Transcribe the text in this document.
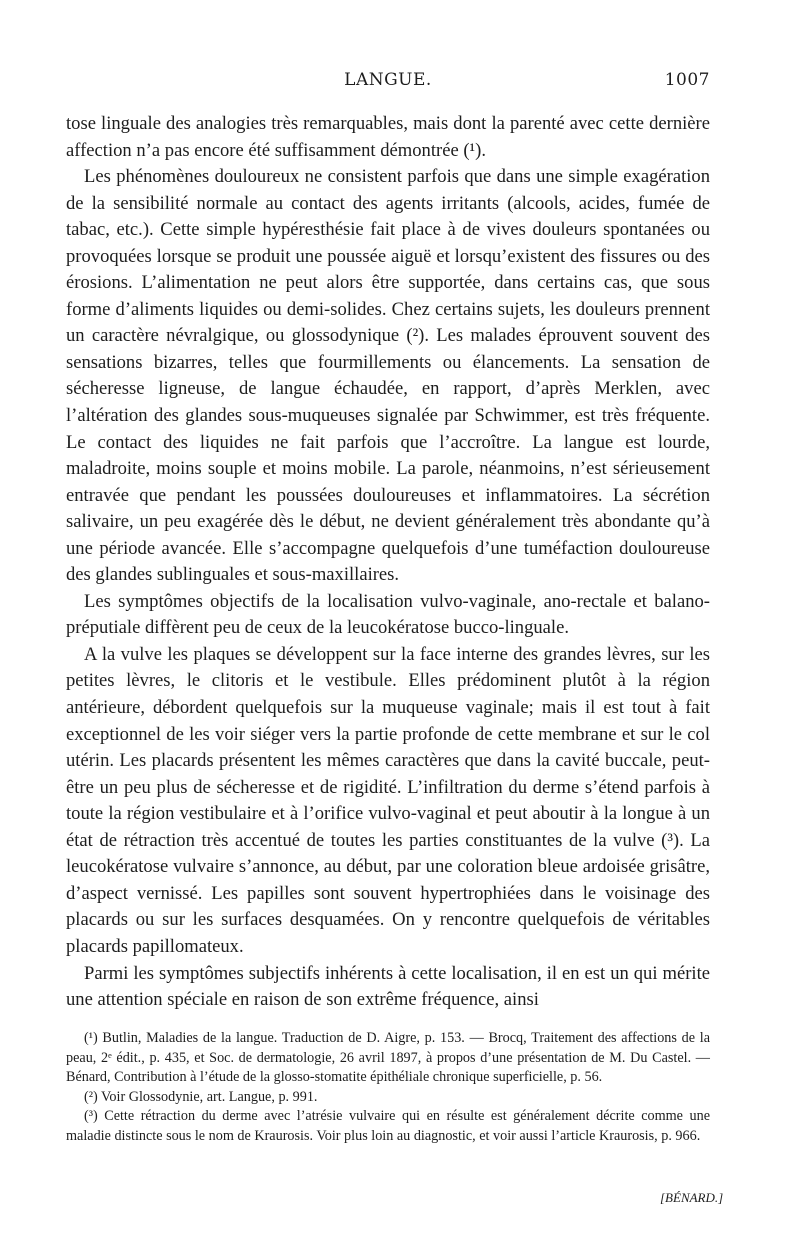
LANGUE.	1007

tose linguale des analogies très remarquables, mais dont la parenté avec cette dernière affection n’a pas encore été suffisamment démontrée (¹).

Les phénomènes douloureux ne consistent parfois que dans une simple exagération de la sensibilité normale au contact des agents irritants (alcools, acides, fumée de tabac, etc.). Cette simple hypéresthésie fait place à de vives douleurs spontanées ou provoquées lorsque se produit une poussée aiguë et lorsqu’existent des fissures ou des érosions. L’alimentation ne peut alors être supportée, dans certains cas, que sous forme d’aliments liquides ou demi-solides. Chez certains sujets, les douleurs prennent un caractère névralgique, ou glossodynique (²). Les malades éprouvent souvent des sensations bizarres, telles que fourmillements ou élancements. La sensation de sécheresse ligneuse, de langue échaudée, en rapport, d’après Merklen, avec l’altération des glandes sous-muqueuses signalée par Schwimmer, est très fréquente. Le contact des liquides ne fait parfois que l’accroître. La langue est lourde, maladroite, moins souple et moins mobile. La parole, néanmoins, n’est sérieusement entravée que pendant les poussées douloureuses et inflammatoires. La sécrétion salivaire, un peu exagérée dès le début, ne devient généralement très abondante qu’à une période avancée. Elle s’accompagne quelquefois d’une tuméfaction douloureuse des glandes sublinguales et sous-maxillaires.

Les symptômes objectifs de la localisation vulvo-vaginale, ano-rectale et balano-préputiale diffèrent peu de ceux de la leucokératose bucco-linguale.

A la vulve les plaques se développent sur la face interne des grandes lèvres, sur les petites lèvres, le clitoris et le vestibule. Elles prédominent plutôt à la région antérieure, débordent quelquefois sur la muqueuse vaginale; mais il est tout à fait exceptionnel de les voir siéger vers la partie profonde de cette membrane et sur le col utérin. Les placards présentent les mêmes caractères que dans la cavité buccale, peut-être un peu plus de sécheresse et de rigidité. L’infiltration du derme s’étend parfois à toute la région vestibulaire et à l’orifice vulvo-vaginal et peut aboutir à la longue à un état de rétraction très accentué de toutes les parties constituantes de la vulve (³). La leucokératose vulvaire s’annonce, au début, par une coloration bleue ardoisée grisâtre, d’aspect vernissé. Les papilles sont souvent hypertrophiées dans le voisinage des placards ou sur les surfaces desquamées. On y rencontre quelquefois de véritables placards papillomateux.

Parmi les symptômes subjectifs inhérents à cette localisation, il en est un qui mérite une attention spéciale en raison de son extrême fréquence, ainsi

(¹) Butlin, Maladies de la langue. Traduction de D. Aigre, p. 153. — Brocq, Traitement des affections de la peau, 2ᵉ édit., p. 435, et Soc. de dermatologie, 26 avril 1897, à propos d’une présentation de M. Du Castel. — Bénard, Contribution à l’étude de la glosso-stomatite épithéliale chronique superficielle, p. 56.

(²) Voir Glossodynie, art. Langue, p. 991.

(³) Cette rétraction du derme avec l’atrésie vulvaire qui en résulte est généralement décrite comme une maladie distincte sous le nom de Kraurosis. Voir plus loin au diagnostic, et voir aussi l’article Kraurosis, p. 966.

[BÉNARD.]
